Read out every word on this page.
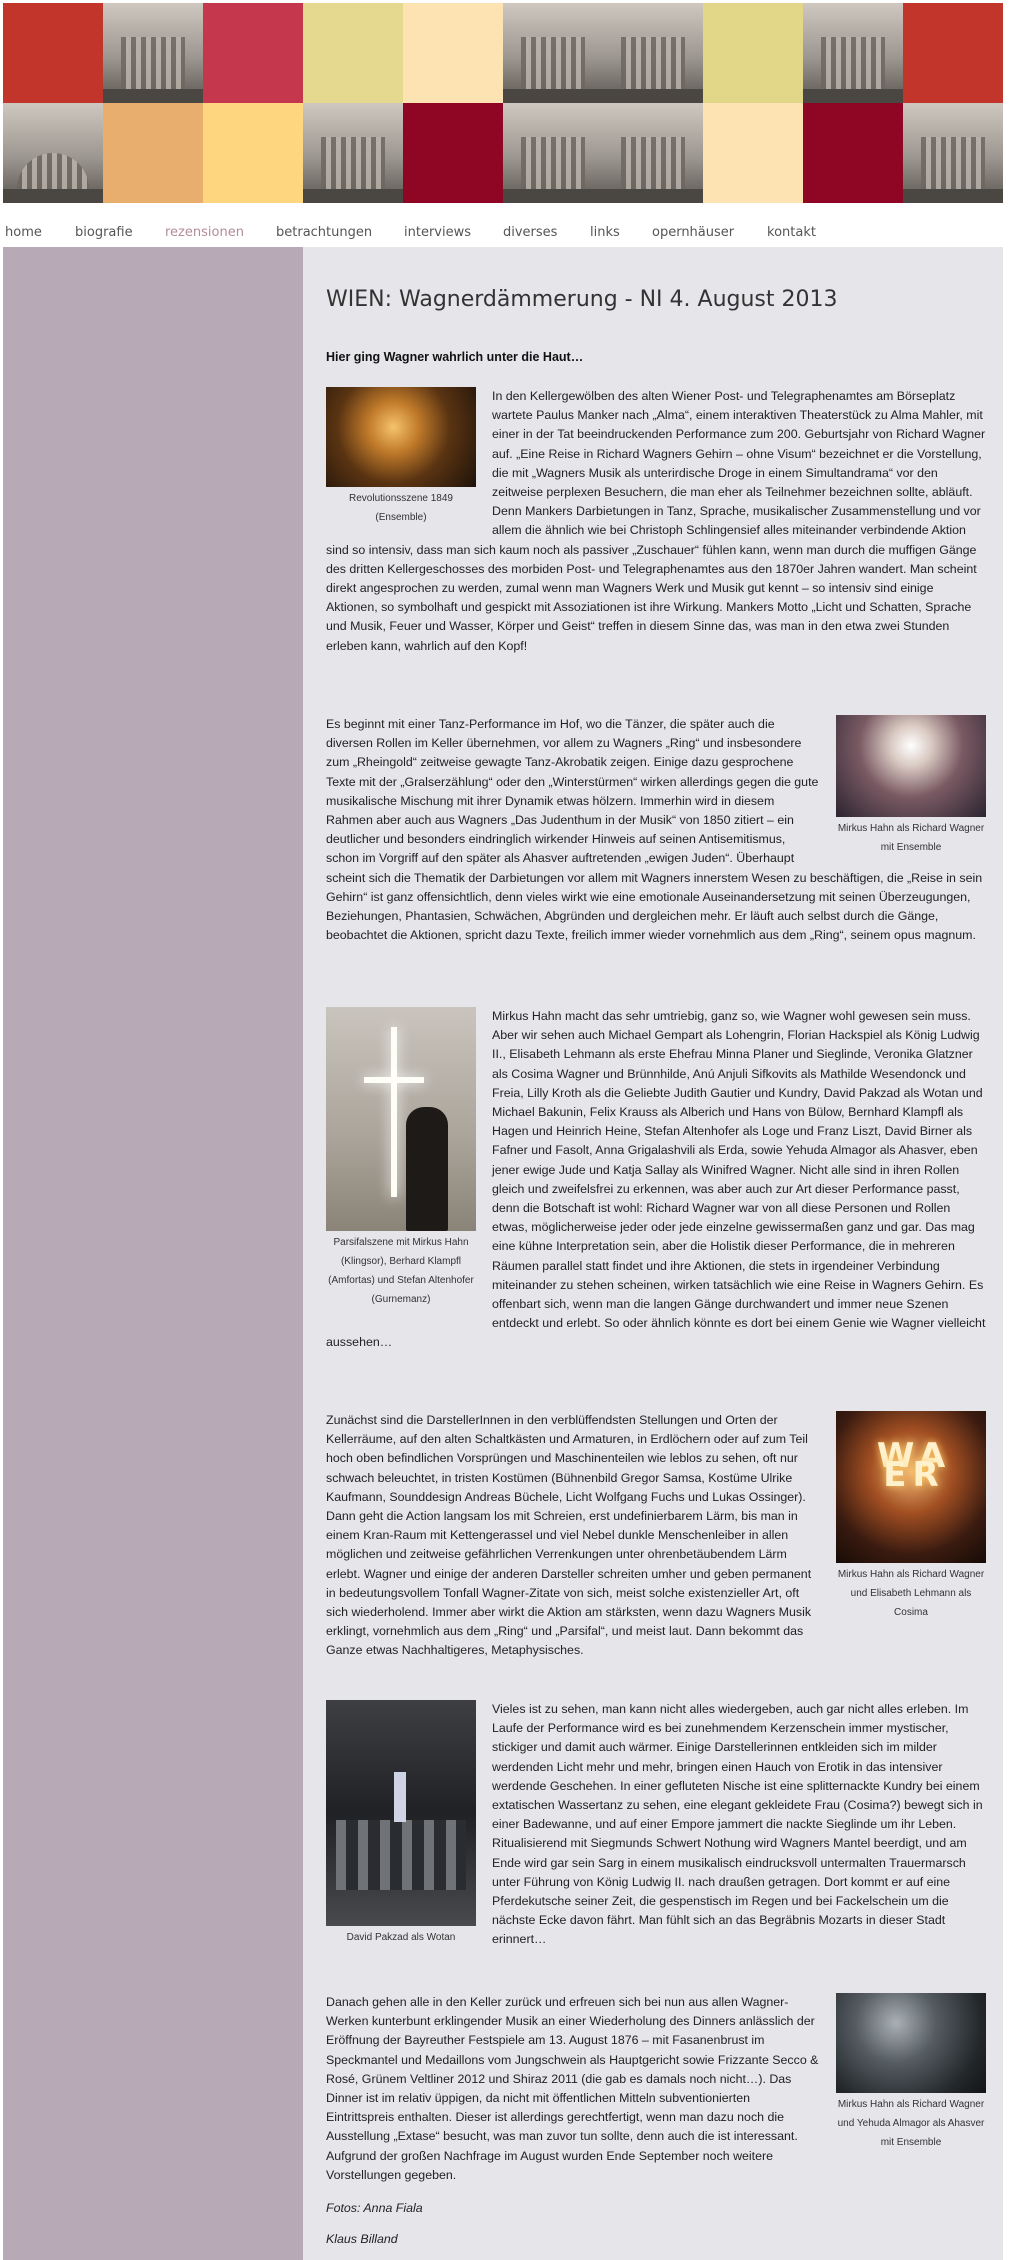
home	biografie rezensionen betrachtungen interviews diverses	links opernhäuser	kontakt
WIEN: Wagnerdämmerung - NI 4. August 2013
Hier ging Wagner wahrlich unter die Haut…
Revolutionsszene 1849 (Ensemble)
In den Kellergewölben des alten Wiener Post- und Telegraphenamtes am Börseplatz wartete Paulus Manker nach „Alma“, einem interaktiven Theaterstück zu Alma Mahler, mit einer in der Tat beeindruckenden Performance zum 200. Geburtsjahr von Richard Wagner auf. „Eine Reise in Richard Wagners Gehirn – ohne Visum“ bezeichnet er die Vorstellung, die mit „Wagners Musik als unterirdische Droge in einem Simultandrama“ vor den zeitweise perplexen Besuchern, die man eher als Teilnehmer bezeichnen sollte, abläuft. Denn Mankers Darbietungen in Tanz, Sprache, musikalischer Zusammenstellung und vor allem die ähnlich wie bei Christoph Schlingensief alles miteinander verbindende Aktion sind so intensiv, dass man sich kaum noch als passiver „Zuschauer“ fühlen kann, wenn man durch die muffigen Gänge des dritten Kellergeschosses des morbiden Post- und Telegraphenamtes aus den 1870er Jahren wandert. Man scheint direkt angesprochen zu werden, zumal wenn man Wagners Werk und Musik gut kennt – so intensiv sind einige Aktionen, so symbolhaft und gespickt mit Assoziationen ist ihre Wirkung. Mankers Motto „Licht und Schatten, Sprache und Musik, Feuer und Wasser, Körper und Geist“ treffen in diesem Sinne das, was man in den etwa zwei Stunden erleben kann, wahrlich auf den Kopf!
Mirkus Hahn als Richard Wagner mit Ensemble
Es beginnt mit einer Tanz-Performance im Hof, wo die Tänzer, die später auch die diversen Rollen im Keller übernehmen, vor allem zu Wagners „Ring“ und insbesondere zum „Rheingold“ zeitweise gewagte Tanz-Akrobatik zeigen. Einige dazu gesprochene Texte mit der „Gralserzählung“ oder den „Winterstürmen“ wirken allerdings gegen die gute musikalische Mischung mit ihrer Dynamik etwas hölzern. Immerhin wird in diesem Rahmen aber auch aus Wagners „Das Judenthum in der Musik“ von 1850 zitiert – ein deutlicher und besonders eindringlich wirkender Hinweis auf seinen Antisemitismus, schon im Vorgriff auf den später als Ahasver auftretenden „ewigen Juden“. Überhaupt scheint sich die Thematik der Darbietungen vor allem mit Wagners innerstem Wesen zu beschäftigen, die „Reise in sein Gehirn“ ist ganz offensichtlich, denn vieles wirkt wie eine emotionale Auseinandersetzung mit seinen Überzeugungen, Beziehungen, Phantasien, Schwächen, Abgründen und dergleichen mehr. Er läuft auch selbst durch die Gänge, beobachtet die Aktionen, spricht dazu Texte, freilich immer wieder vornehmlich aus dem „Ring“, seinem opus magnum.
Parsifalszene mit Mirkus Hahn (Klingsor), Berhard Klampfl (Amfortas) und Stefan Altenhofer (Gurnemanz)
Mirkus Hahn macht das sehr umtriebig, ganz so, wie Wagner wohl gewesen sein muss. Aber wir sehen auch Michael Gempart als Lohengrin, Florian Hackspiel als König Ludwig II., Elisabeth Lehmann als erste Ehefrau Minna Planer und Sieglinde, Veronika Glatzner als Cosima Wagner und Brünnhilde, Anú Anjuli Sifkovits als Mathilde Wesendonck und Freia, Lilly Kroth als die Geliebte Judith Gautier und Kundry, David Pakzad als Wotan und Michael Bakunin, Felix Krauss als Alberich und Hans von Bülow, Bernhard Klampfl als Hagen und Heinrich Heine, Stefan Altenhofer als Loge und Franz Liszt, David Birner als Fafner und Fasolt, Anna Grigalashvili als Erda, sowie Yehuda Almagor als Ahasver, eben jener ewige Jude und Katja Sallay als Winifred Wagner. Nicht alle sind in ihren Rollen gleich und zweifelsfrei zu erkennen, was aber auch zur Art dieser Performance passt, denn die Botschaft ist wohl: Richard Wagner war von all diese Personen und Rollen etwas, möglicherweise jeder oder jede einzelne gewissermaßen ganz und gar. Das mag eine kühne Interpretation sein, aber die Holistik dieser Performance, die in mehreren Räumen parallel statt findet und ihre Aktionen, die stets in irgendeiner Verbindung miteinander zu stehen scheinen, wirken tatsächlich wie eine Reise in Wagners Gehirn. Es offenbart sich, wenn man die langen Gänge durchwandert und immer neue Szenen entdeckt und erlebt. So oder ähnlich könnte es dort bei einem Genie wie Wagner vielleicht aussehen…
WA ER
Mirkus Hahn als Richard Wagner und Elisabeth Lehmann als Cosima
Zunächst sind die DarstellerInnen in den verblüffendsten Stellungen und Orten der Kellerräume, auf den alten Schaltkästen und Armaturen, in Erdlöchern oder auf zum Teil hoch oben befindlichen Vorsprüngen und Maschinenteilen wie leblos zu sehen, oft nur schwach beleuchtet, in tristen Kostümen (Bühnenbild Gregor Samsa, Kostüme Ulrike Kaufmann, Sounddesign Andreas Büchele, Licht Wolfgang Fuchs und Lukas Ossinger). Dann geht die Action langsam los mit Schreien, erst undefinierbarem Lärm, bis man in einem Kran-Raum mit Kettengerassel und viel Nebel dunkle Menschenleiber in allen möglichen und zeitweise gefährlichen Verrenkungen unter ohrenbetäubendem Lärm erlebt. Wagner und einige der anderen Darsteller schreiten umher und geben permanent in bedeutungsvollem Tonfall Wagner-Zitate von sich, meist solche existenzieller Art, oft sich wiederholend. Immer aber wirkt die Aktion am stärksten, wenn dazu Wagners Musik erklingt, vornehmlich aus dem „Ring“ und „Parsifal“, und meist laut. Dann bekommt das Ganze etwas Nachhaltigeres, Metaphysisches.
David Pakzad als Wotan
Vieles ist zu sehen, man kann nicht alles wiedergeben, auch gar nicht alles erleben. Im Laufe der Performance wird es bei zunehmendem Kerzenschein immer mystischer, stickiger und damit auch wärmer. Einige Darstellerinnen entkleiden sich im milder werdenden Licht mehr und mehr, bringen einen Hauch von Erotik in das intensiver werdende Geschehen. In einer gefluteten Nische ist eine splitternackte Kundry bei einem extatischen Wassertanz zu sehen, eine elegant gekleidete Frau (Cosima?) bewegt sich in einer Badewanne, und auf einer Empore jammert die nackte Sieglinde um ihr Leben. Ritualisierend mit Siegmunds Schwert Nothung wird Wagners Mantel beerdigt, und am Ende wird gar sein Sarg in einem musikalisch eindrucksvoll untermalten Trauermarsch unter Führung von König Ludwig II. nach draußen getragen. Dort kommt er auf eine Pferdekutsche seiner Zeit, die gespenstisch im Regen und bei Fackelschein um die nächste Ecke davon fährt. Man fühlt sich an das Begräbnis Mozarts in dieser Stadt erinnert…
Mirkus Hahn als Richard Wagner und Yehuda Almagor als Ahasver mit Ensemble
Danach gehen alle in den Keller zurück und erfreuen sich bei nun aus allen Wagner-Werken kunterbunt erklingender Musik an einer Wiederholung des Dinners anlässlich der Eröffnung der Bayreuther Festspiele am 13. August 1876 – mit Fasanenbrust im Speckmantel und Medaillons vom Jungschwein als Hauptgericht sowie Frizzante Secco & Rosé, Grünem Veltliner 2012 und Shiraz 2011 (die gab es damals noch nicht…). Das Dinner ist im relativ üppigen, da nicht mit öffentlichen Mitteln subventionierten Eintrittspreis enthalten. Dieser ist allerdings gerechtfertigt, wenn man dazu noch die Ausstellung „Extase“ besucht, was man zuvor tun sollte, denn auch die ist interessant. Aufgrund der großen Nachfrage im August wurden Ende September noch weitere Vorstellungen gegeben.
Fotos: Anna Fiala
Klaus Billand
